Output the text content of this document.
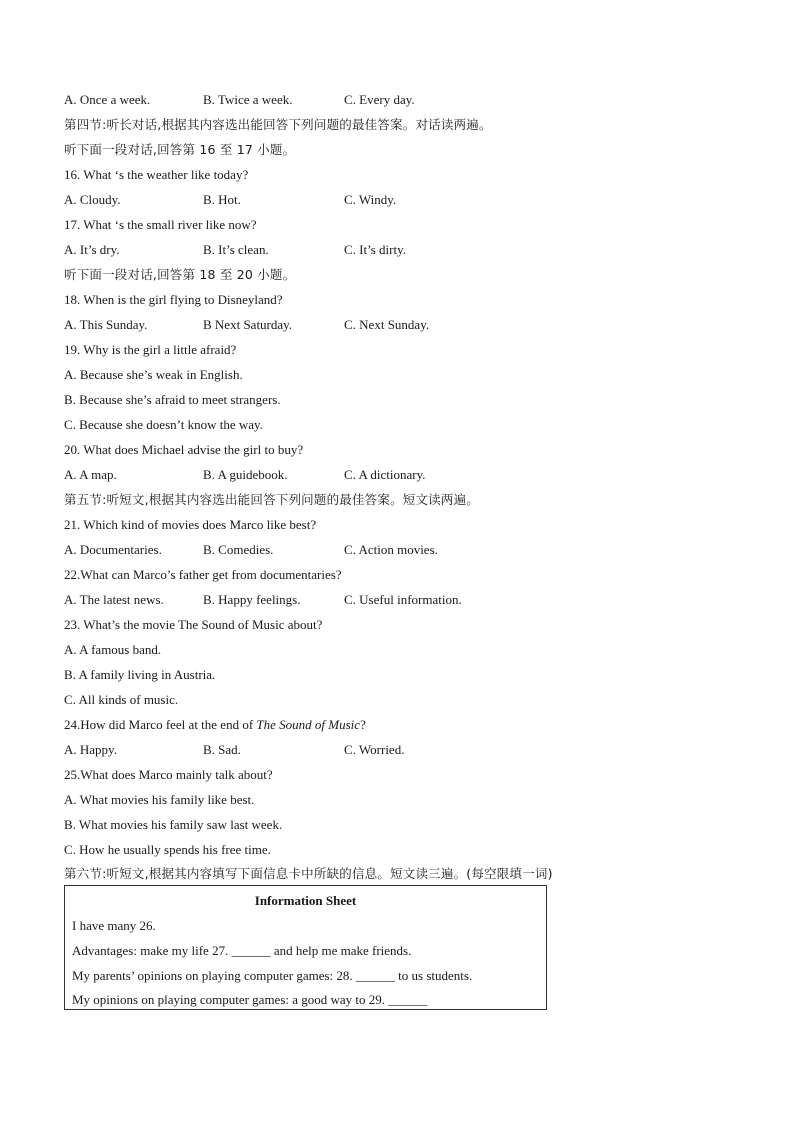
A. Once a week.	B. Twice a week.	C. Every day.
第四节:听长对话,根据其内容选出能回答下列问题的最佳答案。对话读两遍。
听下面一段对话,回答第 16 至 17 小题。
16. What ‘s the weather like today?
A. Cloudy.	B. Hot.	C. Windy.
17. What ‘s the small river like now?
A. It’s dry.	B. It’s clean.	C. It’s dirty.
听下面一段对话,回答第 18 至 20 小题。
18. When is the girl flying to Disneyland?
A. This Sunday.	B Next Saturday.	C. Next Sunday.
19. Why is the girl a little afraid?
A. Because she’s weak in English.
B. Because she’s afraid to meet strangers.
C. Because she doesn’t know the way.
20. What does Michael advise the girl to buy?
A. A map.	B. A guidebook.	C. A dictionary.
第五节:听短文,根据其内容选出能回答下列问题的最佳答案。短文读两遍。
21. Which kind of movies does Marco like best?
A. Documentaries.	B. Comedies.	C. Action movies.
22.What can Marco’s father get from documentaries?
A. The latest news.	B. Happy feelings.	C. Useful information.
23. What’s the movie The Sound of Music about?
A. A famous band.
B. A family living in Austria.
C. All kinds of music.
24.How did Marco feel at the end of The Sound of Music?
A. Happy.	B. Sad.	C. Worried.
25.What does Marco mainly talk about?
A. What movies his family like best.
B. What movies his family saw last week.
C. How he usually spends his free time.
第六节:听短文,根据其内容填写下面信息卡中所缺的信息。短文读三遍。(每空限填一词)
Information Sheet
I have many 26.
Advantages: make my life 27. ______ and help me make friends.
My parents’ opinions on playing computer games: 28. ______ to us students.
My opinions on playing computer games: a good way to 29. ______
